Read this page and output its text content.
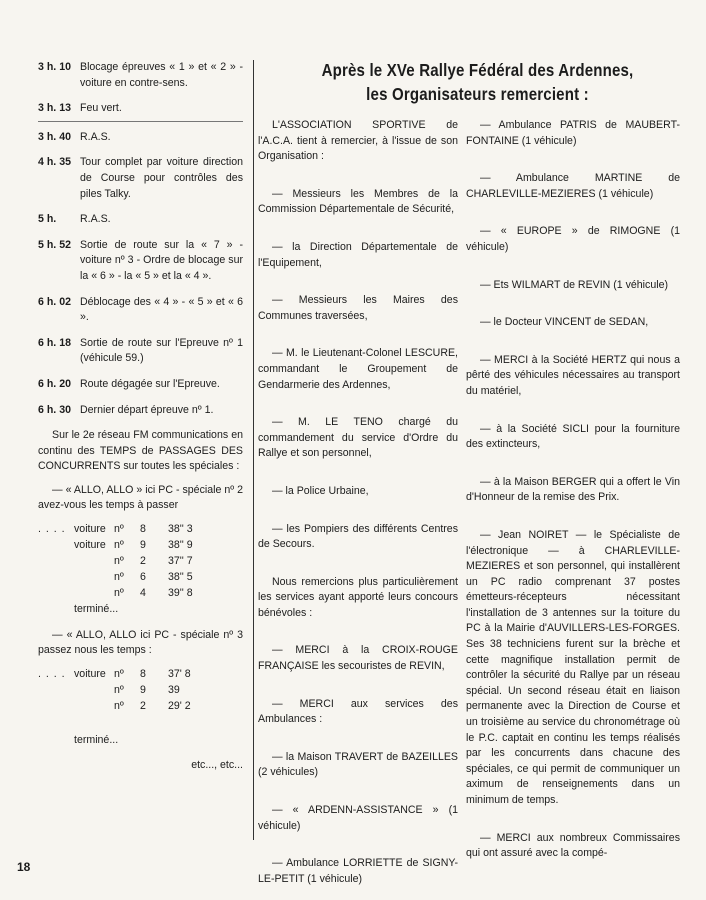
3 h. 10 Blocage épreuves « 1 » et « 2 » - voiture en contre-sens.
3 h. 13 Feu vert.
3 h. 40 R.A.S.
4 h. 35 Tour complet par voiture direction de Course pour contrôles des piles Talky.
5 h.	R.A.S.
5 h. 52 Sortie de route sur la « 7 » - voiture nº 3 - Ordre de blocage sur la « 6 » - la « 5 » et la « 4 ».
6 h. 02 Déblocage des « 4 » - « 5 » et « 6 ».
6 h. 18 Sortie de route sur l'Epreuve nº 1 (véhicule 59.)
6 h. 20 Route dégagée sur l'Epreuve.
6 h. 30 Dernier départ épreuve nº 1.

Sur le 2e réseau FM communications en continu des TEMPS de PASSAGES DES CONCURRENTS sur toutes les spéciales :

— « ALLO, ALLO » ici PC - spéciale nº 2 avez-vous les temps à passer

. . . . voiture nº	8	38'' 3
voiture nº	9	38'' 9
nº	2	37'' 7
nº	6	38'' 5
nº	4	39'' 8
terminé...

— « ALLO, ALLO ici PC - spéciale nº 3 passez nous les temps :

. . . . voiture nº	8	37' 8
nº	9	39
nº	2	29' 2
terminé...
etc..., etc...
Après le XVe Rallye Fédéral des Ardennes,
les Organisateurs remercient :

L'ASSOCIATION SPORTIVE de l'A.C.A. tient à remercier, à l'issue de son Organisation :

— Messieurs les Membres de la Commission Départementale de Sécurité,

— la Direction Départementale de l'Equipement,

— Messieurs les Maires des Communes traversées,

— M. le Lieutenant-Colonel LESCURE, commandant le Groupement de Gendarmerie des Ardennes,

— M. LE TENO chargé du commandement du service d'Ordre du Rallye et son personnel,

— la Police Urbaine,

— les Pompiers des différents Centres de Secours.

Nous remercions plus particulièrement les services ayant apporté leurs concours bénévoles :

— MERCI à la CROIX-ROUGE FRANÇAISE les secouristes de REVIN,

— MERCI aux services des Ambulances :

— la Maison TRAVERT de BAZEILLES (2 véhicules)

— « ARDENN-ASSISTANCE » (1 véhicule)

— Ambulance LORRIETTE de SIGNY-LE-PETIT (1 véhicule)

— Ambulance PATRIS de MAUBERT-FONTAINE (1 véhicule)

— Ambulance MARTINE de CHARLEVILLE-MEZIERES (1 véhicule)

— « EUROPE » de RIMOGNE (1 véhicule)

— Ets WILMART de REVIN (1 véhicule)

— le Docteur VINCENT de SEDAN,

— MERCI à la Société HERTZ qui nous a pêrté des véhicules nécessaires au transport du matériel,

— à la Société SICLI pour la fourniture des extincteurs,

— à la Maison BERGER qui a offert le Vin d'Honneur de la remise des Prix.

— Jean NOIRET — le Spécialiste de l'électronique — à CHARLEVILLE-MEZIERES et son personnel, qui installèrent un PC radio comprenant 37 postes émetteurs-récepteurs nécessitant l'installation de 3 antennes sur la toiture du PC à la Mairie d'AUVILLERS-LES-FORGES. Ses 38 techniciens furent sur la brèche et cette magnifique installation permit de contrôler la sécurité du Rallye par un réseau spécial. Un second réseau était en liaison permanente avec la Direction de Course et un troisième au service du chronométrage où le P.C. captait en continu les temps réalisés par les concurrents dans chacune des spéciales, ce qui permit de communiquer un aximum de renseignements dans un minimum de temps.

— MERCI aux nombreux Commissaires qui ont assuré avec la compé-

18
